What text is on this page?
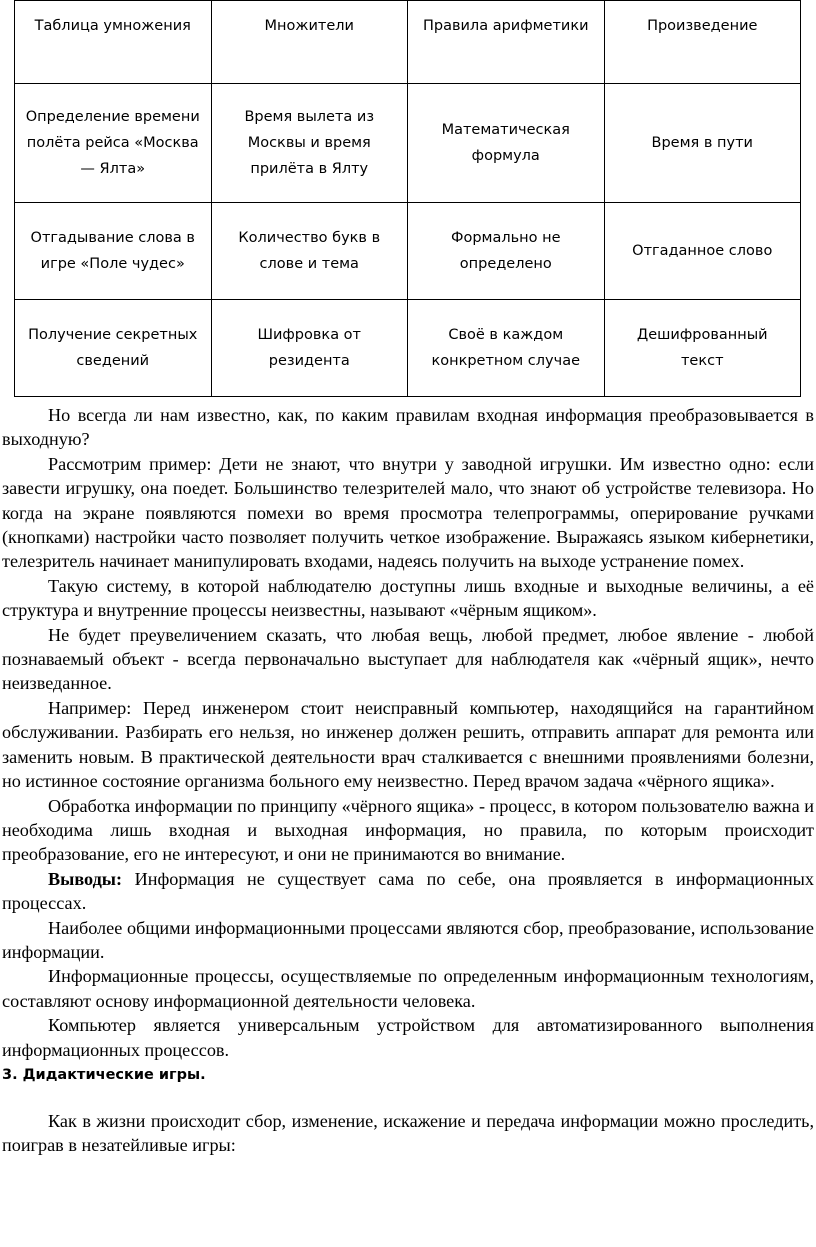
Таблица умножения	Множители	Правила арифметики	Произведение
Определение времени полёта рейса «Москва — Ялта»	Время вылета из Москвы и время прилёта в Ялту	Математическая формула	Время в пути
Отгадывание слова в игре «Поле чудес»	Количество букв в слове и тема	Формально не определено	Отгаданное слово
Получение секретных сведений	Шифровка от резидента	Своё в каждом конкретном случае	Дешифрованный текст

Но всегда ли нам известно, как, по каким правилам входная информация преобразовывается в выходную?

Рассмотрим пример: Дети не знают, что внутри у заводной игрушки. Им известно одно: если завести игрушку, она поедет. Большинство телезрителей мало, что знают об устройстве телевизора. Но когда на экране появляются помехи во время просмотра телепрограммы, оперирование ручками (кнопками) настройки часто позволяет получить четкое изображение. Выражаясь языком кибернетики, телезритель начинает манипулировать входами, надеясь получить на выходе устранение помех.

Такую систему, в которой наблюдателю доступны лишь входные и выходные величины, а её структура и внутренние процессы неизвестны, называют «чёрным ящиком».

Не будет преувеличением сказать, что любая вещь, любой предмет, любое явление - любой познаваемый объект - всегда первоначально выступает для наблюдателя как «чёрный ящик», нечто неизведанное.

Например: Перед инженером стоит неисправный компьютер, находящийся на гарантийном обслуживании. Разбирать его нельзя, но инженер должен решить, отправить аппарат для ремонта или заменить новым. В практической деятельности врач сталкивается с внешними проявлениями болезни, но истинное состояние организма больного ему неизвестно. Перед врачом задача «чёрного ящика».

Обработка информации по принципу «чёрного ящика» - процесс, в котором пользователю важна и необходима лишь входная и выходная информация, но правила, по которым происходит преобразование, его не интересуют, и они не принимаются во внимание.

Выводы: Информация не существует сама по себе, она проявляется в информационных процессах.

Наиболее общими информационными процессами являются сбор, преобразование, использование информации.

Информационные процессы, осуществляемые по определенным информационным технологиям, составляют основу информационной деятельности человека.

Компьютер является универсальным устройством для автоматизированного выполнения информационных процессов.

3. Дидактические игры.

Как в жизни происходит сбор, изменение, искажение и передача информации можно проследить, поиграв в незатейливые игры:
